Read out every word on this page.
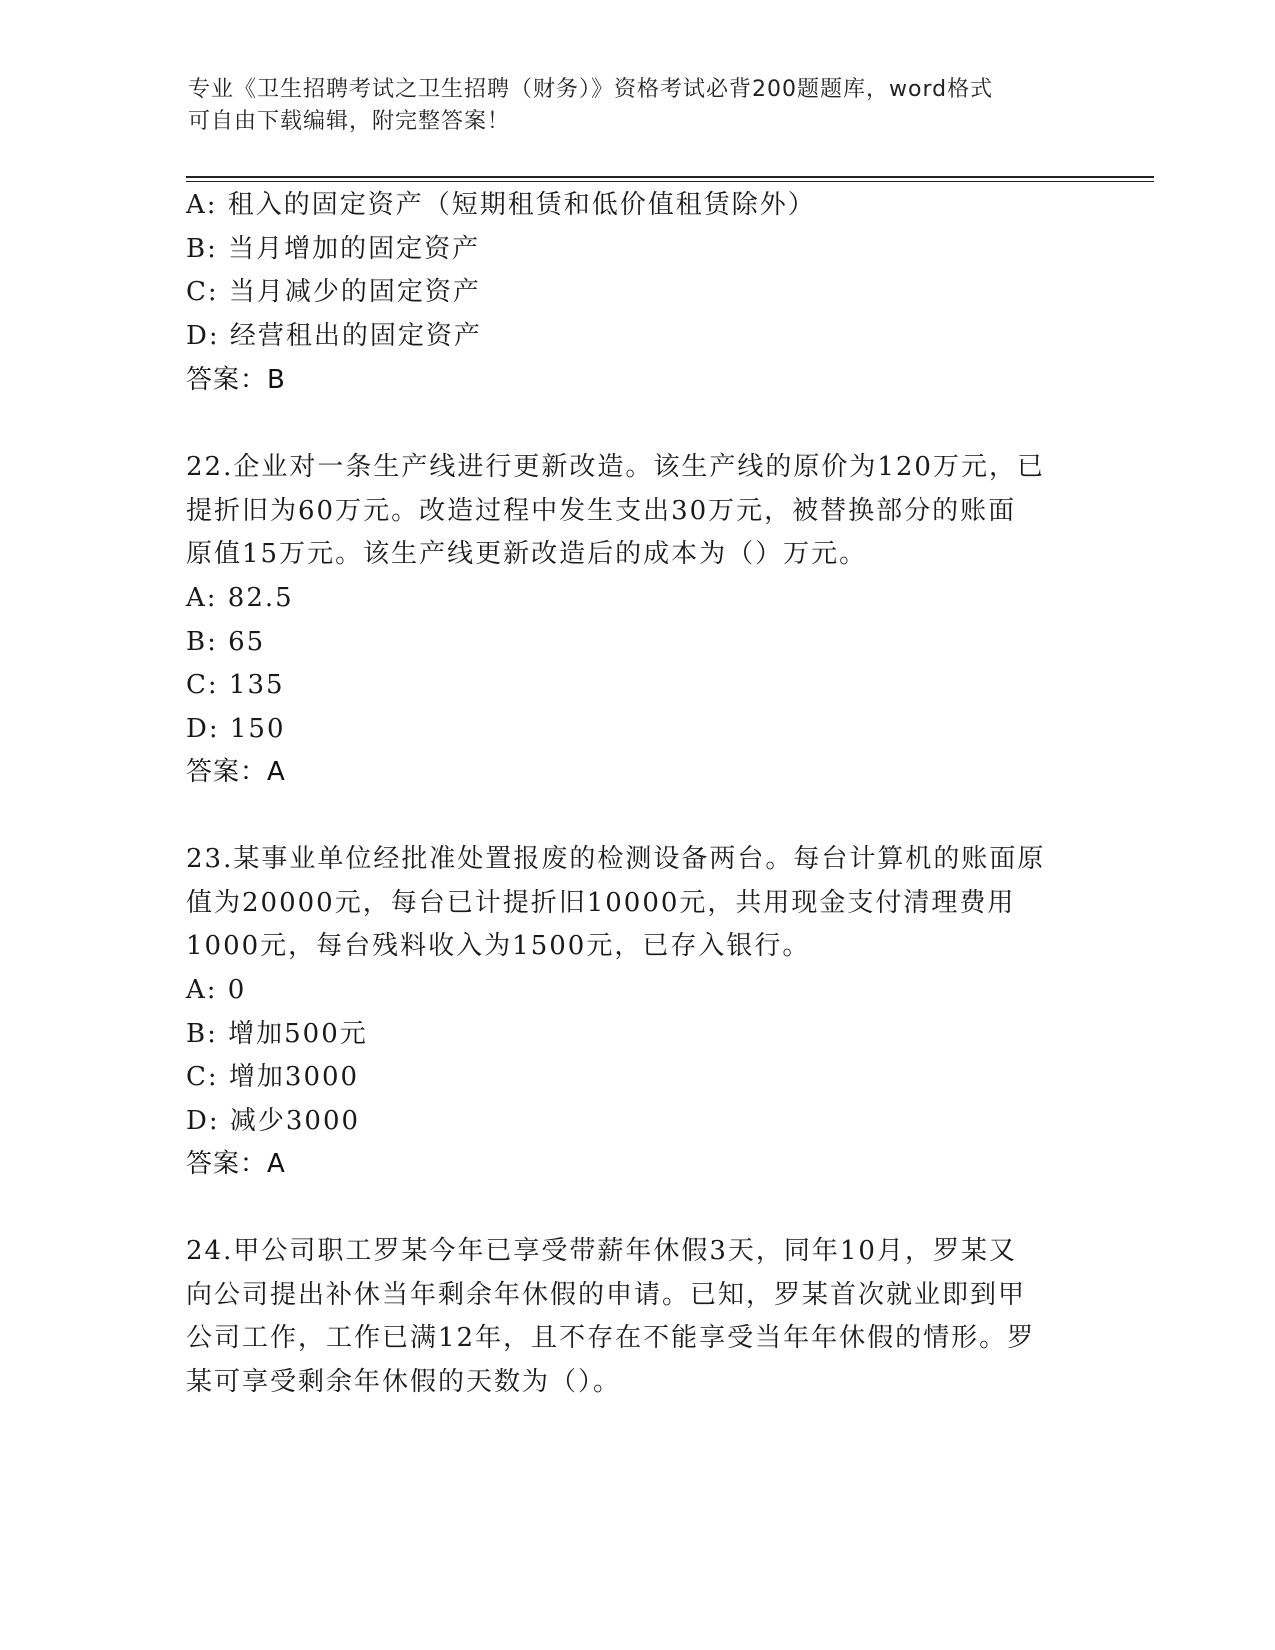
专业《卫生招聘考试之卫生招聘（财务）》资格考试必背200题题库，word格式
可自由下载编辑，附完整答案！
A: 租入的固定资产（短期租赁和低价值租赁除外）
B: 当月增加的固定资产
C: 当月减少的固定资产
D: 经营租出的固定资产
答案：B
22.企业对一条生产线进行更新改造。该生产线的原价为120万元，已
提折旧为60万元。改造过程中发生支出30万元，被替换部分的账面
原值15万元。该生产线更新改造后的成本为（）万元。
A: 82.5
B: 65
C: 135
D: 150
答案：A
23.某事业单位经批准处置报废的检测设备两台。每台计算机的账面原
值为20000元，每台已计提折旧10000元，共用现金支付清理费用
1000元，每台残料收入为1500元，已存入银行。
A: 0
B: 增加500元
C: 增加3000
D: 减少3000
答案：A
24.甲公司职工罗某今年已享受带薪年休假3天，同年10月，罗某又
向公司提出补休当年剩余年休假的申请。已知，罗某首次就业即到甲
公司工作，工作已满12年，且不存在不能享受当年年休假的情形。罗
某可享受剩余年休假的天数为（）。
